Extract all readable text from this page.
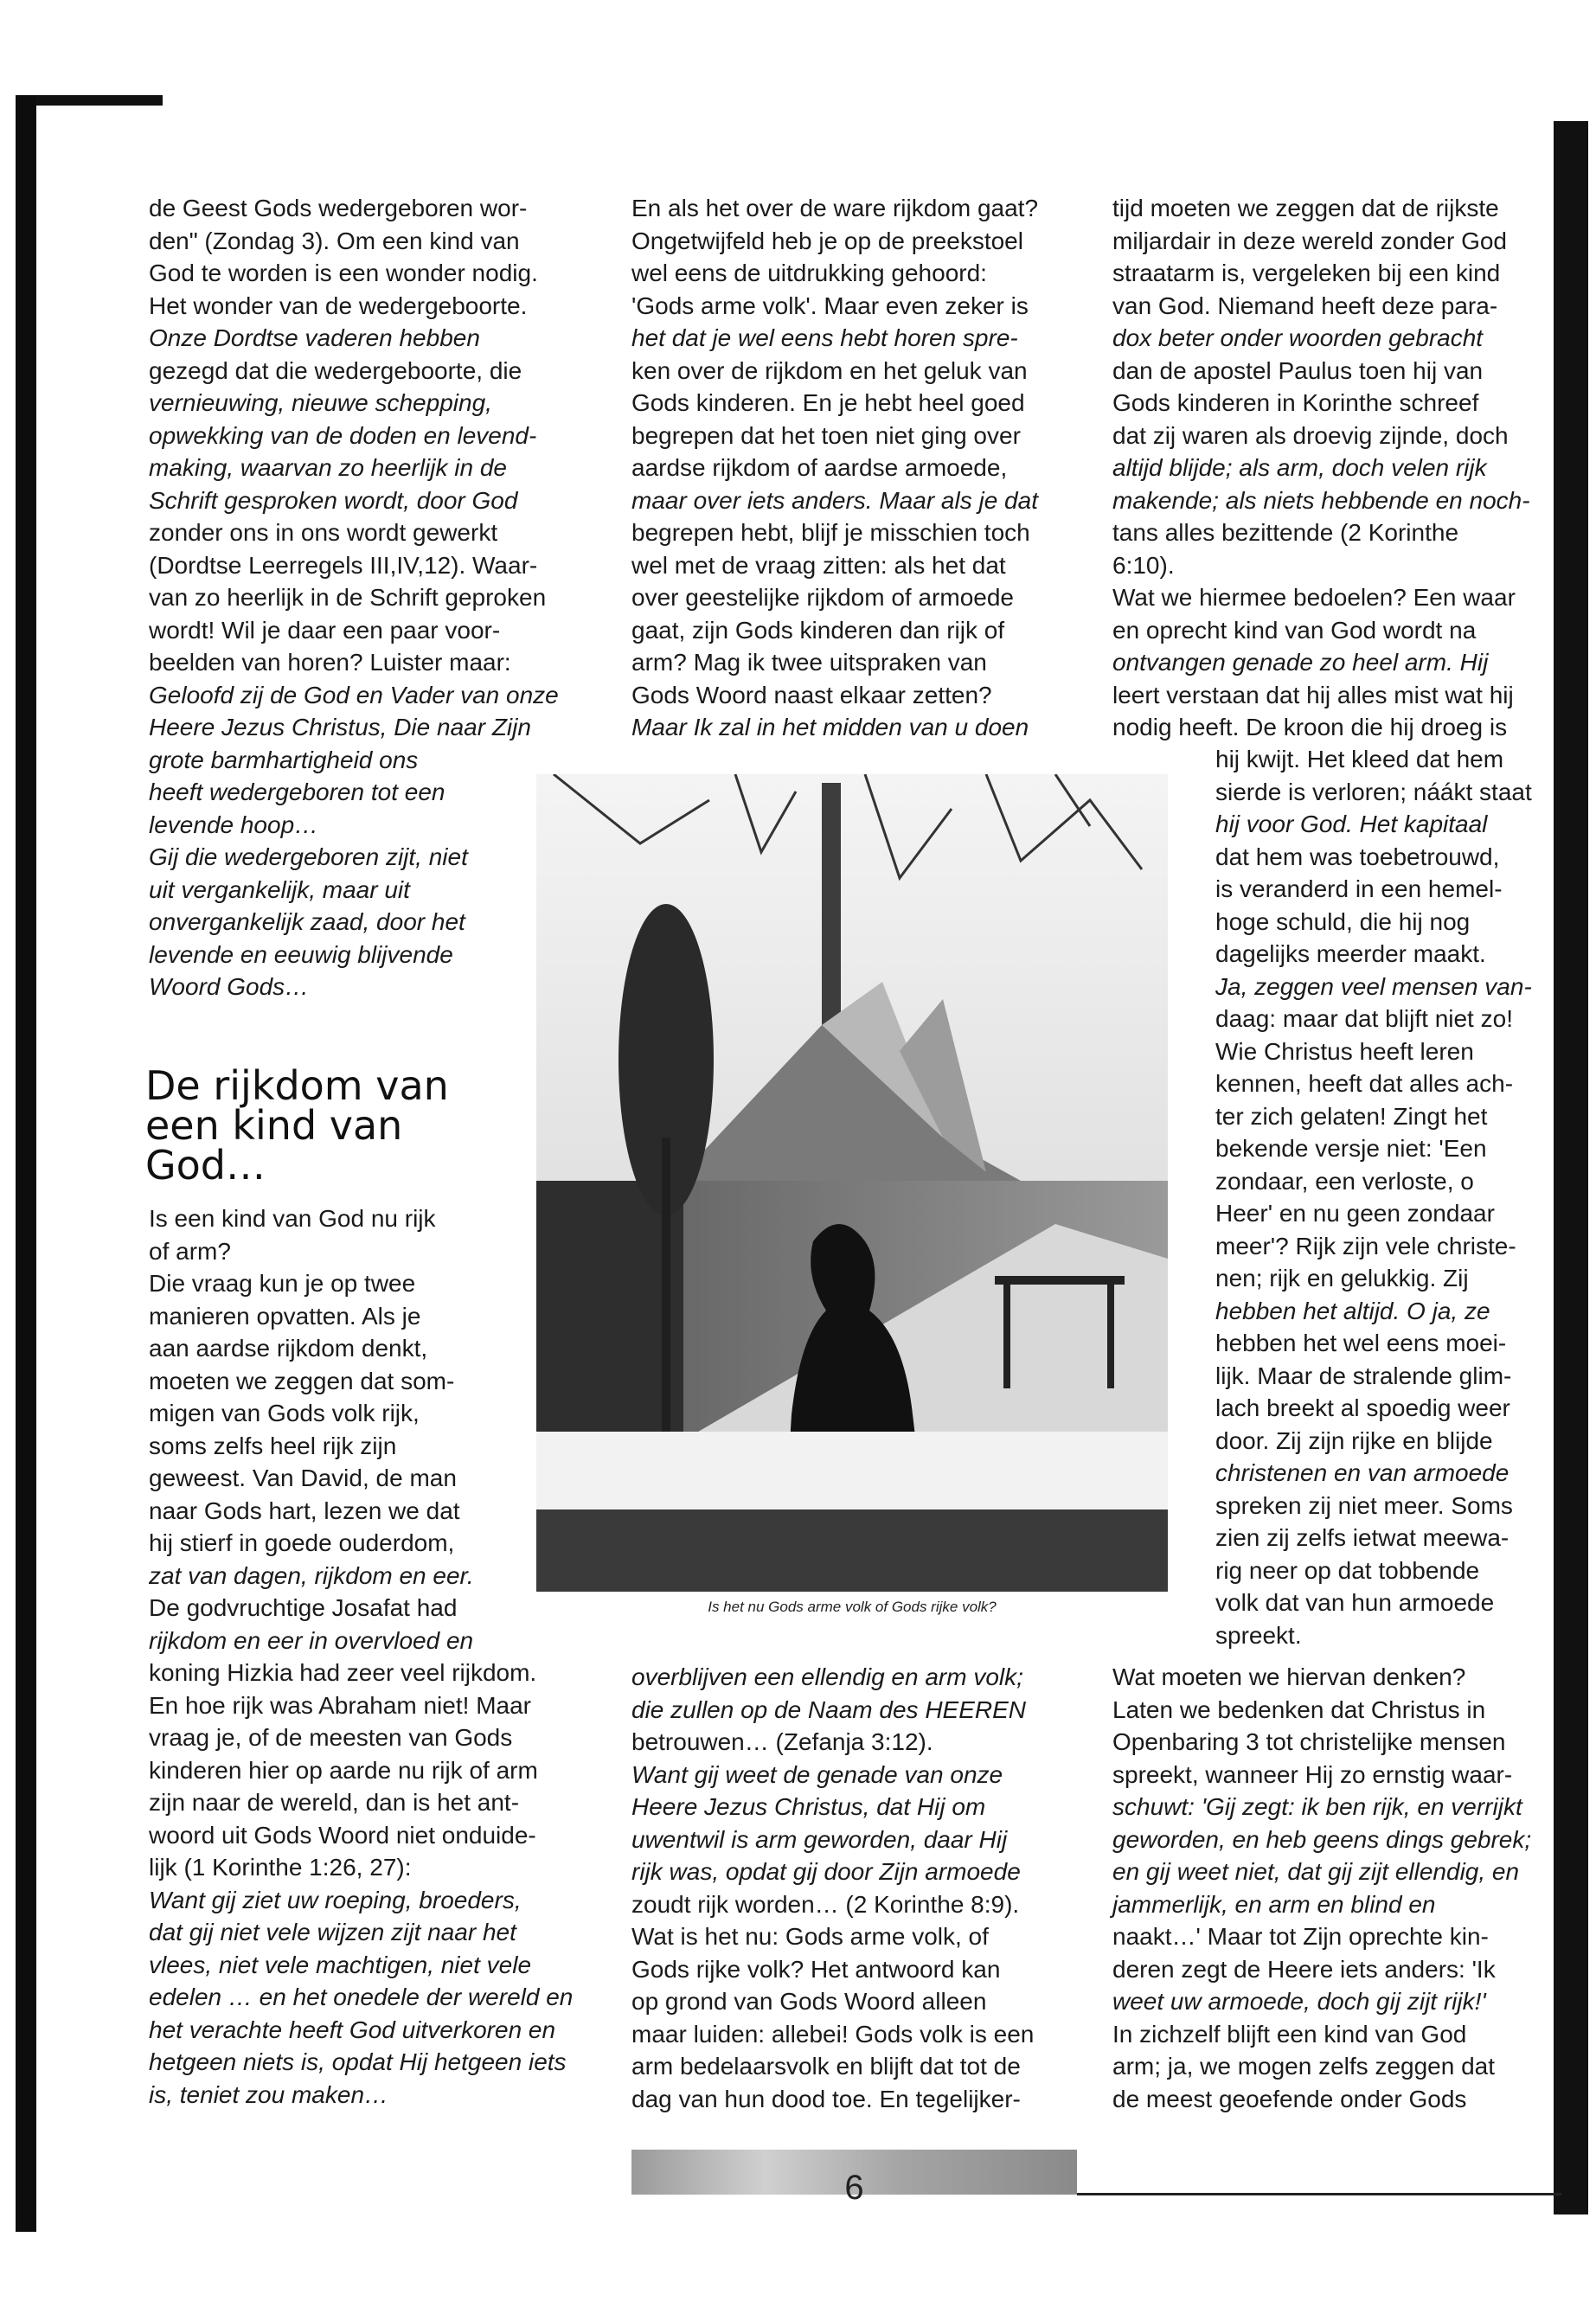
de Geest Gods wedergeboren wor-

den" (Zondag 3). Om een kind van

God te worden is een wonder nodig.

Het wonder van de wedergeboorte.

Onze Dordtse vaderen hebben

gezegd dat die wedergeboorte, die

vernieuwing, nieuwe schepping,

opwekking van de doden en levend-

making, waarvan zo heerlijk in de

Schrift gesproken wordt, door God

zonder ons in ons wordt gewerkt

(Dordtse Leerregels III,IV,12). Waar-

van zo heerlijk in de Schrift geproken

wordt! Wil je daar een paar voor-

beelden van horen? Luister maar:

Geloofd zij de God en Vader van onze

Heere Jezus Christus, Die naar Zijn

grote barmhartigheid ons

heeft wedergeboren tot een

levende hoop…

Gij die wedergeboren zijt, niet

uit vergankelijk, maar uit

onvergankelijk zaad, door het

levende en eeuwig blijvende

Woord Gods…

De rijkdom van een kind van God…

Is een kind van God nu rijk

of arm?

Die vraag kun je op twee

manieren opvatten. Als je

aan aardse rijkdom denkt,

moeten we zeggen dat som-

migen van Gods volk rijk,

soms zelfs heel rijk zijn

geweest. Van David, de man

naar Gods hart, lezen we dat

hij stierf in goede ouderdom,

zat van dagen, rijkdom en eer.

De godvruchtige Josafat had

rijkdom en eer in overvloed en

koning Hizkia had zeer veel rijkdom.

En hoe rijk was Abraham niet! Maar

vraag je, of de meesten van Gods

kinderen hier op aarde nu rijk of arm

zijn naar de wereld, dan is het ant-

woord uit Gods Woord niet onduide-

lijk (1 Korinthe 1:26, 27):

Want gij ziet uw roeping, broeders,

dat gij niet vele wijzen zijt naar het

vlees, niet vele machtigen, niet vele

edelen … en het onedele der wereld en

het verachte heeft God uitverkoren en

hetgeen niets is, opdat Hij hetgeen iets

is, teniet zou maken…

En als het over de ware rijkdom gaat?

Ongetwijfeld heb je op de preekstoel

wel eens de uitdrukking gehoord:

'Gods arme volk'. Maar even zeker is

het dat je wel eens hebt horen spre-

ken over de rijkdom en het geluk van

Gods kinderen. En je hebt heel goed

begrepen dat het toen niet ging over

aardse rijkdom of aardse armoede,

maar over iets anders. Maar als je dat

begrepen hebt, blijf je misschien toch

wel met de vraag zitten: als het dat

over geestelijke rijkdom of armoede

gaat, zijn Gods kinderen dan rijk of

arm? Mag ik twee uitspraken van

Gods Woord naast elkaar zetten?

Maar Ik zal in het midden van u doen

Is het nu Gods arme volk of Gods rijke volk?

overblijven een ellendig en arm volk;

die zullen op de Naam des HEEREN

betrouwen… (Zefanja 3:12).

Want gij weet de genade van onze

Heere Jezus Christus, dat Hij om

uwentwil is arm geworden, daar Hij

rijk was, opdat gij door Zijn armoede

zoudt rijk worden… (2 Korinthe 8:9).

Wat is het nu: Gods arme volk, of

Gods rijke volk? Het antwoord kan

op grond van Gods Woord alleen

maar luiden: allebei! Gods volk is een

arm bedelaarsvolk en blijft dat tot de

dag van hun dood toe. En tegelijker-

tijd moeten we zeggen dat de rijkste

miljardair in deze wereld zonder God

straatarm is, vergeleken bij een kind

van God. Niemand heeft deze para-

dox beter onder woorden gebracht

dan de apostel Paulus toen hij van

Gods kinderen in Korinthe schreef

dat zij waren als droevig zijnde, doch

altijd blijde; als arm, doch velen rijk

makende; als niets hebbende en noch-

tans alles bezittende (2 Korinthe

6:10).

Wat we hiermee bedoelen? Een waar

en oprecht kind van God wordt na

ontvangen genade zo heel arm. Hij

leert verstaan dat hij alles mist wat hij

nodig heeft. De kroon die hij droeg is

hij kwijt. Het kleed dat hem

sierde is verloren; náákt staat

hij voor God. Het kapitaal

dat hem was toebetrouwd,

is veranderd in een hemel-

hoge schuld, die hij nog

dagelijks meerder maakt.

Ja, zeggen veel mensen van-

daag: maar dat blijft niet zo!

Wie Christus heeft leren

kennen, heeft dat alles ach-

ter zich gelaten! Zingt het

bekende versje niet: 'Een

zondaar, een verloste, o

Heer' en nu geen zondaar

meer'? Rijk zijn vele christe-

nen; rijk en gelukkig. Zij

hebben het altijd. O ja, ze

hebben het wel eens moei-

lijk. Maar de stralende glim-

lach breekt al spoedig weer

door. Zij zijn rijke en blijde

christenen en van armoede

spreken zij niet meer. Soms

zien zij zelfs ietwat meewa-

rig neer op dat tobbende

volk dat van hun armoede

spreekt.

Wat moeten we hiervan denken?

Laten we bedenken dat Christus in

Openbaring 3 tot christelijke mensen

spreekt, wanneer Hij zo ernstig waar-

schuwt: 'Gij zegt: ik ben rijk, en verrijkt

geworden, en heb geens dings gebrek;

en gij weet niet, dat gij zijt ellendig, en

jammerlijk, en arm en blind en

naakt…' Maar tot Zijn oprechte kin-

deren zegt de Heere iets anders: 'Ik

weet uw armoede, doch gij zijt rijk!'

In zichzelf blijft een kind van God

arm; ja, we mogen zelfs zeggen dat

de meest geoefende onder Gods

6
